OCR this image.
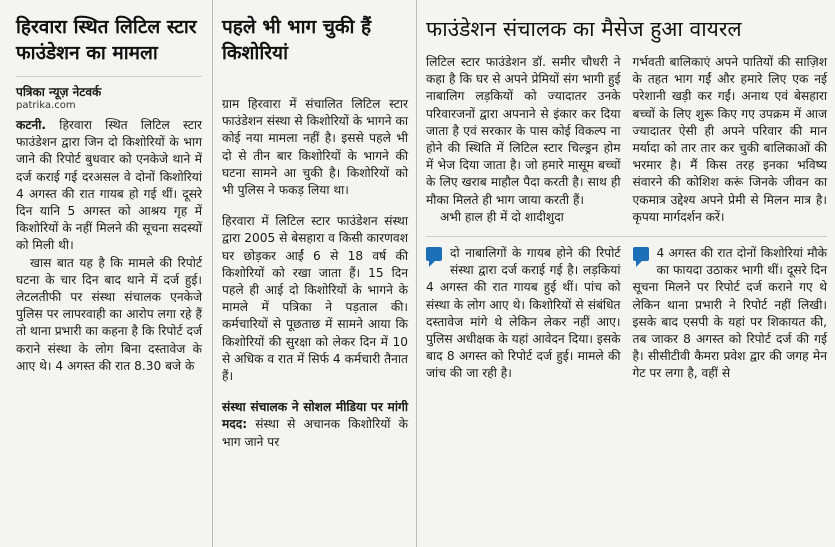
हिरवारा स्थित लिटिल स्टार फाउंडेशन का मामला
पत्रिका न्यूज़ नेटवर्क
patrika.com

कटनी. हिरवारा स्थित लिटिल स्टार फाउंडेशन द्वारा जिन दो किशोरियों के भाग जाने की रिपोर्ट बुधवार को एनकेजे थाने में दर्ज कराई गई दरअसल वे दोनों किशोरियां 4 अगस्त की रात गायब हो गई थीं। दूसरे दिन यानि 5 अगस्त को आश्रय गृह में किशोरियों के नहीं मिलने की सूचना सदस्यों को मिली थी।

खास बात यह है कि मामले की रिपोर्ट घटना के चार दिन बाद थाने में दर्ज हुई। लेटलतीफी पर संस्था संचालक एनकेजे पुलिस पर लापरवाही का आरोप लगा रहे हैं तो थाना प्रभारी का कहना है कि रिपोर्ट दर्ज कराने संस्था के लोग बिना दस्तावेज के आए थे। 4 अगस्त की रात 8.30 बजे के

पहले भी भाग चुकी हैं किशोरियां

ग्राम हिरवारा में संचालित लिटिल स्टार फाउंडेशन संस्था से किशोरियों के भागने का कोई नया मामला नहीं है। इससे पहले भी दो से तीन बार किशोरियों के भागने की घटना सामने आ चुकी है। किशोरियों को भी पुलिस ने फकड़ लिया था।

हिरवारा में लिटिल स्टार फाउंडेशन संस्था द्वारा 2005 से बेसहारा व किसी कारणवश घर छोड़कर आईं 6 से 18 वर्ष की किशोरियों को रखा जाता हैं। 15 दिन पहले ही आई दो किशोरियों के भागने के मामले में पत्रिका ने पड़ताल की। कर्मचारियों से पूछताछ में सामने आया कि किशोरियों की सुरक्षा को लेकर दिन में 10 से अधिक व रात में सिर्फ 4 कर्मचारी तैनात हैं।

संस्था संचालक ने सोशल मीडिया पर मांगी मदद: संस्था से अचानक किशोरियों के भाग जाने पर

फाउंडेशन संचालक का मैसेज हुआ वायरल

लिटिल स्टार फाउंडेशन डॉ. समीर चौधरी ने कहा है कि घर से अपने प्रेमियों संग भागी हुई नाबालिग लड़कियों को ज्यादातर उनके परिवारजनों द्वारा अपनाने से इंकार कर दिया जाता है एवं सरकार के पास कोई विकल्प ना होने की स्थिति में लिटिल स्टार चिल्ड्रन होम में भेज दिया जाता है। जो हमारे मासूम बच्चों के लिए खराब माहौल पैदा करती है। साथ ही मौका मिलते ही भाग जाया करती हैं।

अभी हाल ही में दो शादीशुदा

गर्भवती बालिकाएं अपने पातियों की साज़िश के तहत भाग गईं और हमारे लिए एक नई परेशानी खड़ी कर गईं। अनाथ एवं बेसहारा बच्चों के लिए शुरू किए गए उपक्रम में आज ज्यादातर ऐसी ही अपने परिवार की मान मर्यादा को तार तार कर चुकी बालिकाओं की भरमार है। मैं किस तरह इनका भविष्य संवारने की कोशिश करूं जिनके जीवन का एकमात्र उद्देश्य अपने प्रेमी से मिलन मात्र है। कृपया मार्गदर्शन करें।

दो नाबालिगों के गायब होने की रिपोर्ट संस्था द्वारा दर्ज कराई गई है। लड़कियां 4 अगस्त की रात गायब हुई थीं। पांच को संस्था के लोग आए थे। किशोरियों से संबंधित दस्तावेज मांगे थे लेकिन लेकर नहीं आए। पुलिस अधीक्षक के यहां आवेदन दिया। इसके बाद 8 अगस्त को रिपोर्ट दर्ज हुई। मामले की जांच की जा रही है।

4 अगस्त की रात दोनों किशोरियां मौके का फायदा उठाकर भागी थीं। दूसरे दिन सूचना मिलने पर रिपोर्ट दर्ज कराने गए थे लेकिन थाना प्रभारी ने रिपोर्ट नहीं लिखी। इसके बाद एसपी के यहां पर शिकायत की, तब जाकर 8 अगस्त को रिपोर्ट दर्ज की गई है। सीसीटीवी कैमरा प्रवेश द्वार की जगह मेन गेट पर लगा है, वहीं से
